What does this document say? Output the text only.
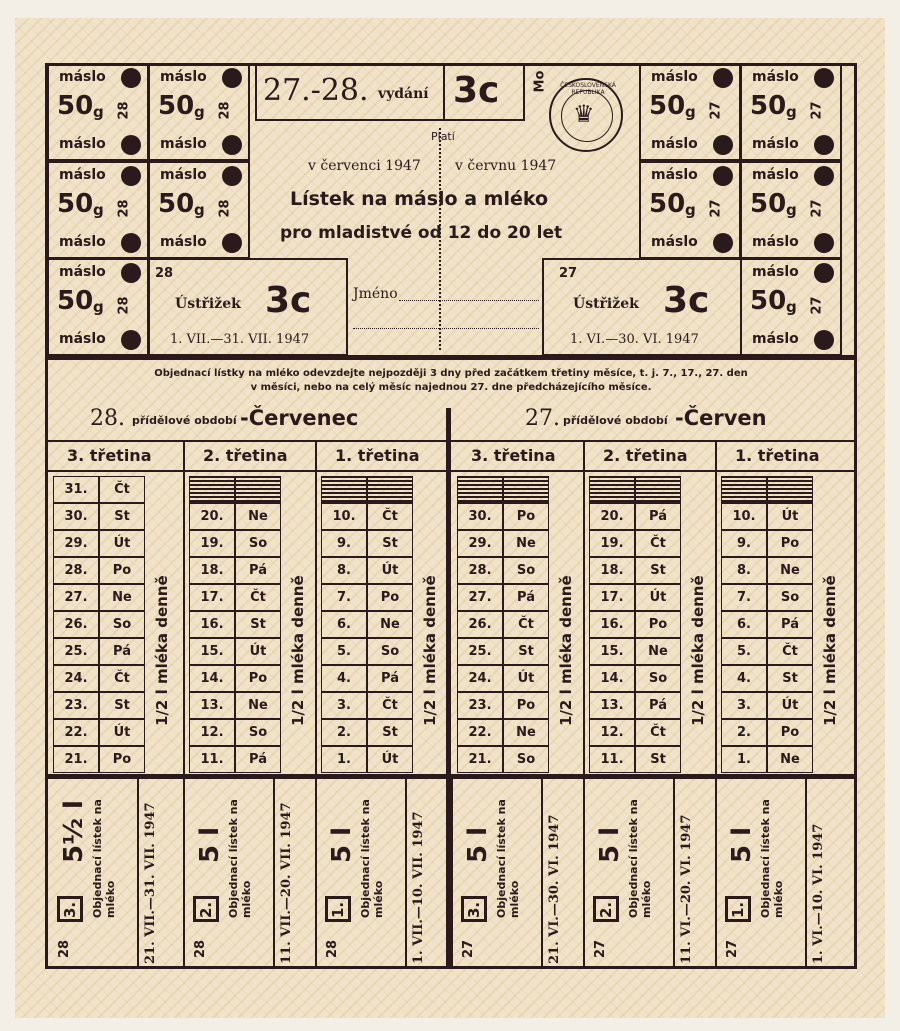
27.-28. vydání 3c	Mo
♛
ČESKOSLOVENSKÁ REPUBLIKA
Platí
v červenci 1947 v červnu 1947
Lístek na máslo a mléko
pro mladistvé od 12 do 20 let
Jméno
máslo
50 g 28
máslo
máslo
50 g 28
máslo
máslo
50 g 28
máslo
máslo
50 g 28
máslo
máslo
50 g 28
máslo
máslo
50 g 27
máslo
máslo
50 g 27
máslo
máslo
50 g 27
máslo
máslo
50 g 27
máslo
máslo
50 g 27
máslo
28
Ústřižek 3c
1. VII.—31. VII. 1947
27
Ústřižek 3c
1. VI.—30. VI. 1947
Objednací lístky na mléko odevzdejte nejpozději 3 dny před začátkem třetiny měsíce, t. j. 7., 17., 27. den
v měsíci, nebo na celý měsíc najednou 27. dne předcházejícího měsíce.
28. přídělové období -Červenec	27. přídělové období -Červen
3. třetina	2. třetina	1. třetina	3. třetina	2. třetina	1. třetina
31.	Čt
30.	St
29.	Út
28.	Po
27.	Ne
26.	So
25.	Pá
24.	Čt
23.	St
22.	Út
21.	Po
1/2 l mléka denně
20.	Ne
19.	So
18.	Pá
17.	Čt
16.	St
15.	Út
14.	Po
13.	Ne
12.	So
11.	Pá
1/2 l mléka denně
10.	Čt
9.	St
8.	Út
7.	Po
6.	Ne
5.	So
4.	Pá
3.	Čt
2.	St
1.	Út
1/2 l mléka denně
30.	Po
29.	Ne
28.	So
27.	Pá
26.	Čt
25.	St
24.	Út
23.	Po
22.	Ne
21.	So
1/2 l mléka denně
20.	Pá
19.	Čt
18.	St
17.	Út
16.	Po
15.	Ne
14.	So
13.	Pá
12.	Čt
11.	St
1/2 l mléka denně
10.	Út
9.	Po
8.	Ne
7.	So
6.	Pá
5.	Čt
4.	St
3.	Út
2.	Po
1.	Ne
1/2 l mléka denně
28
3.
5½ l Objednací lístek na mléko 21. VII.—31. VII. 1947	28
2.
5 l Objednací lístek na mléko 11. VII.—20. VII. 1947 28
1.
5 l Objednací lístek na mléko 1. VII.—10. VII. 1947	27
3.
5 l Objednací lístek na mléko 21. VI.—30. VI. 1947 27
2.
5 l Objednací lístek na mléko 11. VI.—20. VI. 1947 27
1.
5 l Objednací lístek na mléko 1. VI.—10. VI. 1947
